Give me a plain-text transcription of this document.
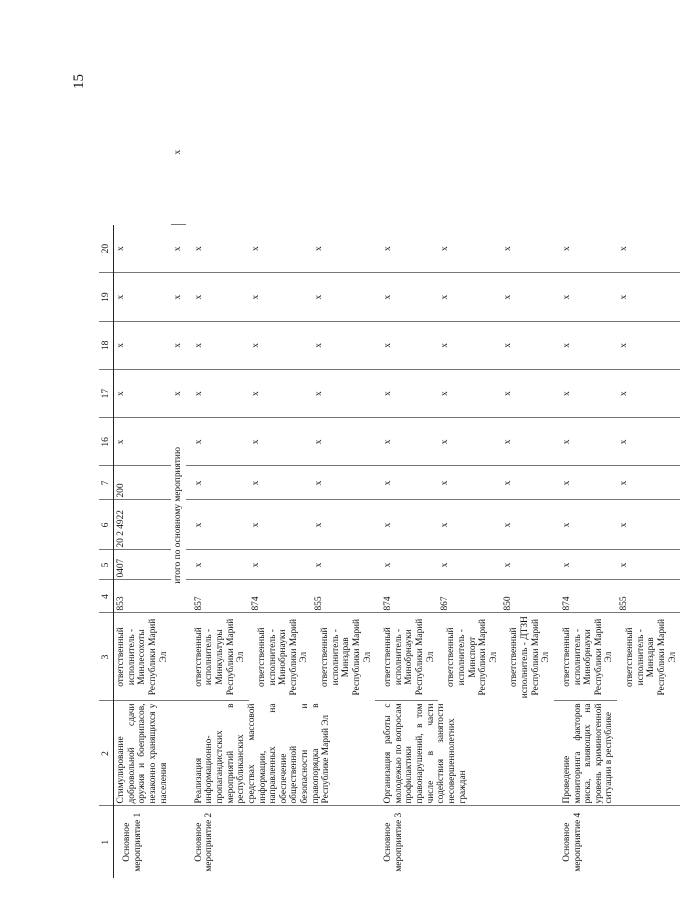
15
1	2	3	4	5	6	7	16	17	18	19	20	
Основное мероприятие 1	Стимулирование добровольной сдачи оружия и боеприпасов, незаконно хранящихся у населения	ответственный исполнитель - Минлесохоты Республики Марий Эл	853	0407	20 2 4922	200	x	x	x	x	x	
			итого по основному мероприятию					x	x	x	x	x
Основное мероприятие 2	Реализация информационно-пропагандистских мероприятий в республиканских средствах массовой информации, направленных на обеспечение общественной безопасности и правопорядка в Республике Марий Эл	ответственный исполнитель - Минкультуры Республики Марий Эл	857	x	x	x	x	x	x	x	x	
		ответственный исполнитель - Минобрнауки Республики Марий Эл	874	x	x	x	x	x	x	x	x	
		ответственный исполнитель - Минздрав Республики Марий Эл	855	x	x	x	x	x	x	x	x	
Основное мероприятие 3	Организация работы с молодежью по вопросам профилактики правонарушений, в том числе в части содействия занятости несовершеннолетних граждан	ответственный исполнитель - Минобрнауки Республики Марий Эл	874	x	x	x	x	x	x	x	x	
		ответственный исполнитель - Минспорт Республики Марий Эл	867	x	x	x	x	x	x	x	x	
		ответственный исполнитель - ДТЗН Республики Марий Эл	850	x	x	x	x	x	x	x	x	
Основное мероприятие 4	Проведение мониторинга факторов риска, влияющих на уровень криминогенной ситуации в республике	ответственный исполнитель - Минобрнауки Республики Марий Эл	874	x	x	x	x	x	x	x	x	
		ответственный исполнитель - Минздрав Республики Марий Эл	855	x	x	x	x	x	x	x	x	
